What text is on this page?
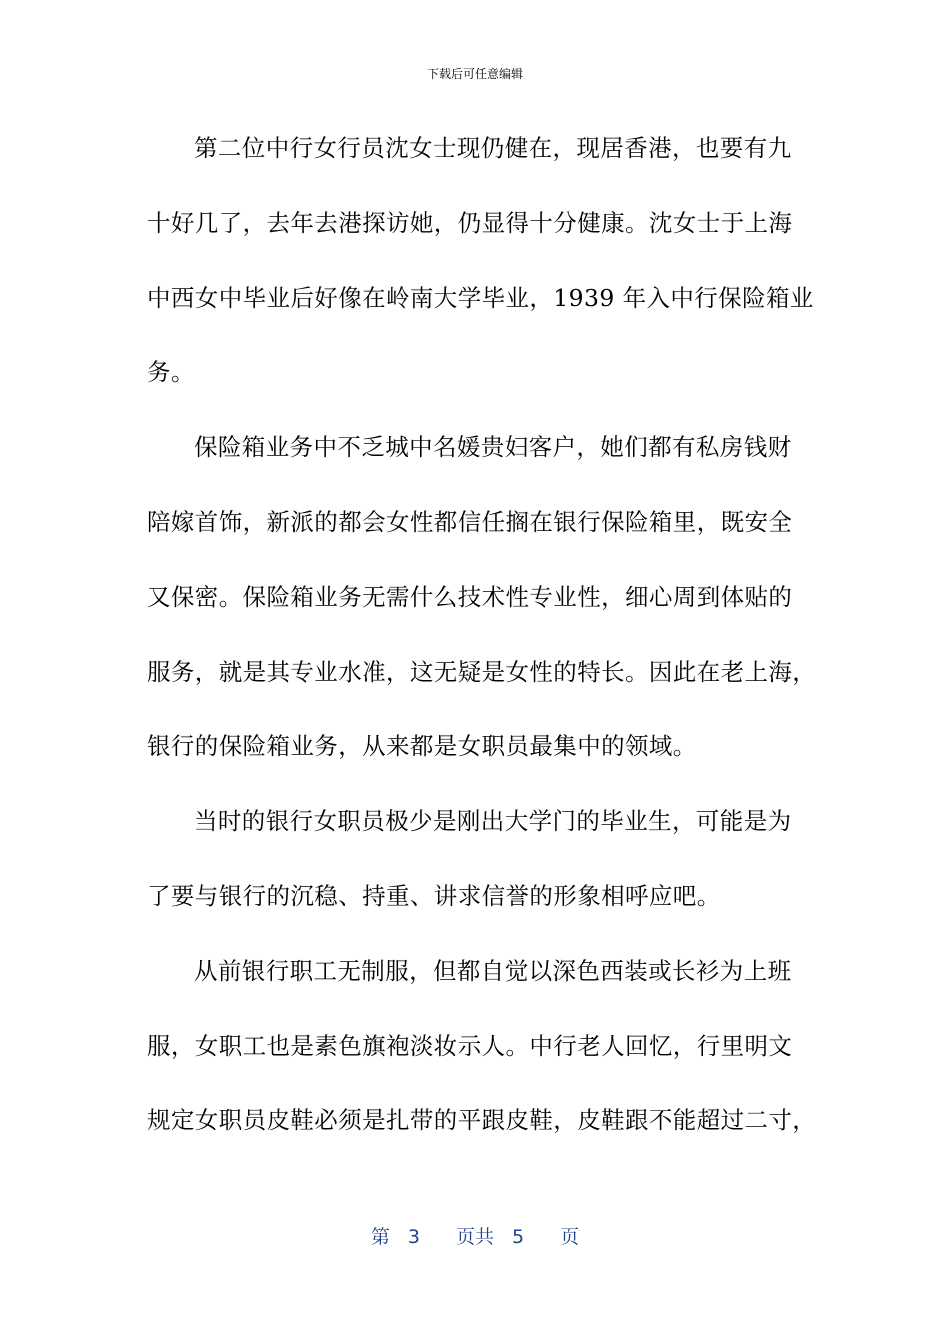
下载后可任意编辑
第二位中行女行员沈女士现仍健在，现居香港，也要有九
十好几了，去年去港探访她，仍显得十分健康。沈女士于上海
中西女中毕业后好像在岭南大学毕业，1939 年入中行保险箱业
务。
保险箱业务中不乏城中名媛贵妇客户，她们都有私房钱财
陪嫁首饰，新派的都会女性都信任搁在银行保险箱里，既安全
又保密。保险箱业务无需什么技术性专业性，细心周到体贴的
服务，就是其专业水准，这无疑是女性的特长。因此在老上海，
银行的保险箱业务，从来都是女职员最集中的领域。
当时的银行女职员极少是刚出大学门的毕业生，可能是为
了要与银行的沉稳、持重、讲求信誉的形象相呼应吧。
从前银行职工无制服，但都自觉以深色西装或长衫为上班
服，女职工也是素色旗袍淡妆示人。中行老人回忆，行里明文
规定女职员皮鞋必须是扎带的平跟皮鞋，皮鞋跟不能超过二寸，
第 3 页共 5 页
